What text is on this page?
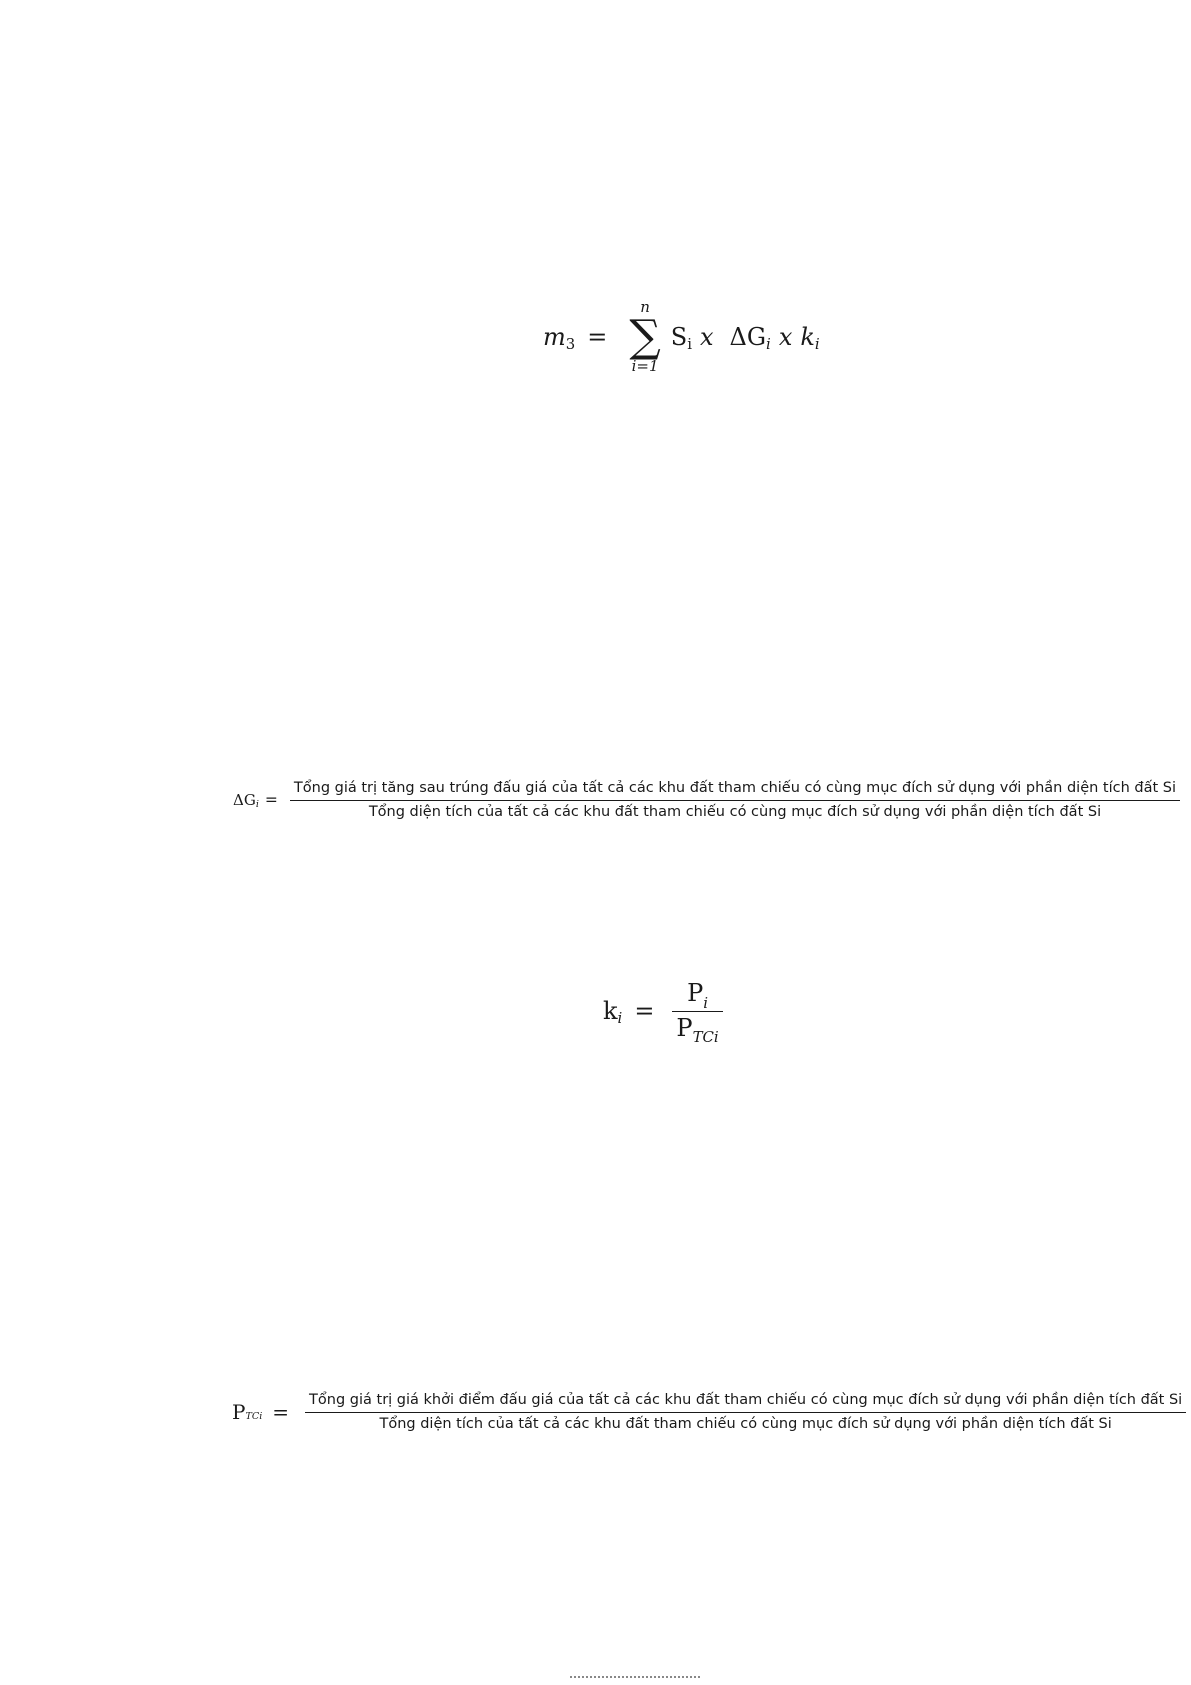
m 3 =
n
∑
i=1
S i x ΔG i x k i
ΔG i =
Tổng giá trị tăng sau trúng đấu giá của tất cả các khu đất tham chiếu có cùng mục đích sử dụng với phần diện tích đất Si
Tổng diện tích của tất cả các khu đất tham chiếu có cùng mục đích sử dụng với phần diện tích đất Si
k $i = \frac{P_i}{P_{TCi}}$
P TCi =
Tổng giá trị giá khởi điểm đấu giá của tất cả các khu đất tham chiếu có cùng mục đích sử dụng với phần diện tích đất Si
Tổng diện tích của tất cả các khu đất tham chiếu có cùng mục đích sử dụng với phần diện tích đất Si
